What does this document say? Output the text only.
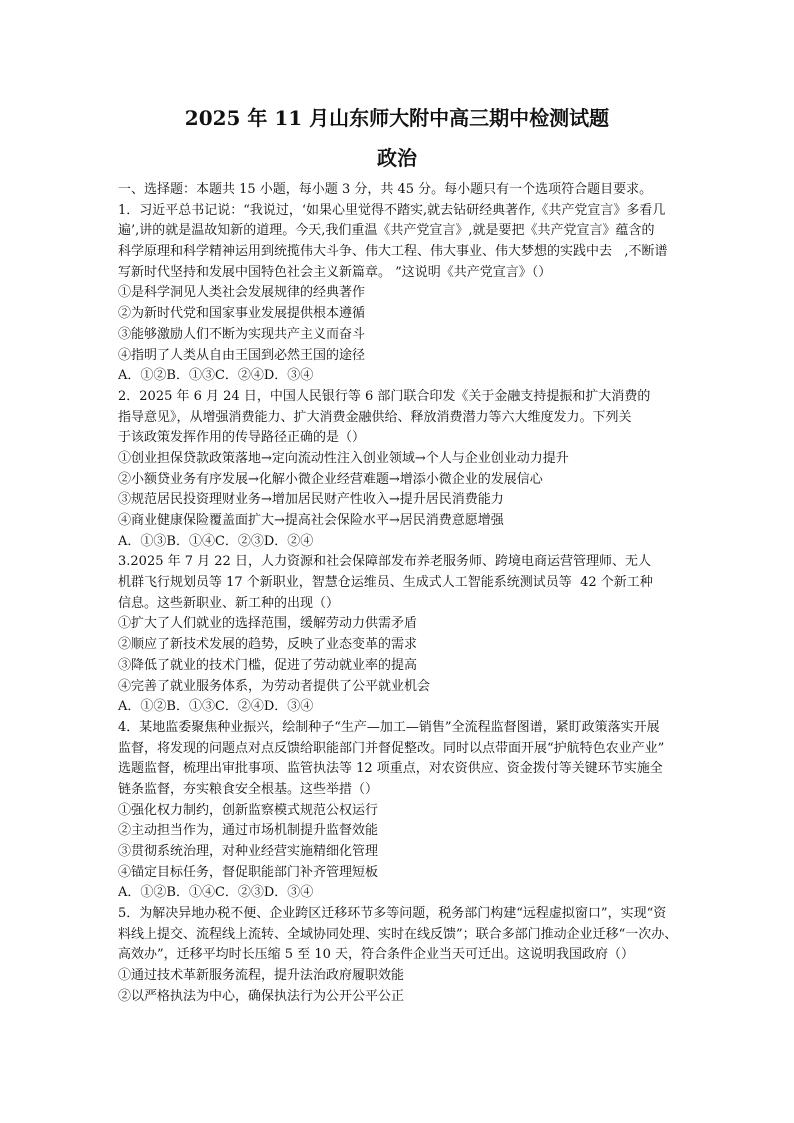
2025 年 11 月山东师大附中高三期中检测试题
政治
一、选择题：本题共 15 小题，每小题 3 分，共 45 分。每小题只有一个选项符合题目要求。
1．习近平总书记说：“我说过，‘如果心里觉得不踏实,就去钻研经典著作,《共产党宣言》多看几
遍’,讲的就是温故知新的道理。今天,我们重温《共产党宣言》,就是要把《共产党宣言》蕴含的
科学原理和科学精神运用到统揽伟大斗争、伟大工程、伟大事业、伟大梦想的实践中去   ,不断谱
写新时代坚持和发展中国特色社会主义新篇章。 ”这说明《共产党宣言》（）
①是科学洞见人类社会发展规律的经典著作
②为新时代党和国家事业发展提供根本遵循
③能够激励人们不断为实现共产主义而奋斗
④指明了人类从自由王国到必然王国的途径
A．①②B．①③C．②④D．③④
2．2025 年 6 月 24 日，中国人民银行等 6 部门联合印发《关于金融支持提振和扩大消费的
指导意见》，从增强消费能力、扩大消费金融供给、释放消费潜力等六大维度发力。下列关
于该政策发挥作用的传导路径正确的是（）
①创业担保贷款政策落地→定向流动性注入创业领域→个人与企业创业动力提升
②小额贷业务有序发展→化解小微企业经营难题→增添小微企业的发展信心
③规范居民投资理财业务→增加居民财产性收入→提升居民消费能力
④商业健康保险覆盖面扩大→提高社会保险水平→居民消费意愿增强
A．①③B．①④C．②③D．②④
3.2025 年 7 月 22 日，人力资源和社会保障部发布养老服务师、跨境电商运营管理师、无人
机群飞行规划员等 17 个新职业，智慧仓运维员、生成式人工智能系统测试员等  42 个新工种
信息。这些新职业、新工种的出现（）
①扩大了人们就业的选择范围，缓解劳动力供需矛盾
②顺应了新技术发展的趋势，反映了业态变革的需求
③降低了就业的技术门槛，促进了劳动就业率的提高
④完善了就业服务体系，为劳动者提供了公平就业机会
A．①②B．①③C．②④D．③④
4．某地监委聚焦种业振兴，绘制种子“生产—加工—销售”全流程监督图谱，紧盯政策落实开展
监督，将发现的问题点对点反馈给职能部门并督促整改。同时以点带面开展“护航特色农业产业”
选题监督，梳理出审批事项、监管执法等 12 项重点，对农资供应、资金拨付等关键环节实施全
链条监督，夯实粮食安全根基。这些举措（）
①强化权力制约，创新监察模式规范公权运行
②主动担当作为，通过市场机制提升监督效能
③贯彻系统治理，对种业经营实施精细化管理
④锚定目标任务，督促职能部门补齐管理短板
A．①②B．①④C．②③D．③④
5．为解决异地办税不便、企业跨区迁移环节多等问题，税务部门构建“远程虚拟窗口”，实现“资
料线上提交、流程线上流转、全域协同处理、实时在线反馈”；联合多部门推动企业迁移“一次办、
高效办”，迁移平均时长压缩 5 至 10 天，符合条件企业当天可迁出。这说明我国政府（）
①通过技术革新服务流程，提升法治政府履职效能
②以严格执法为中心，确保执法行为公开公平公正
